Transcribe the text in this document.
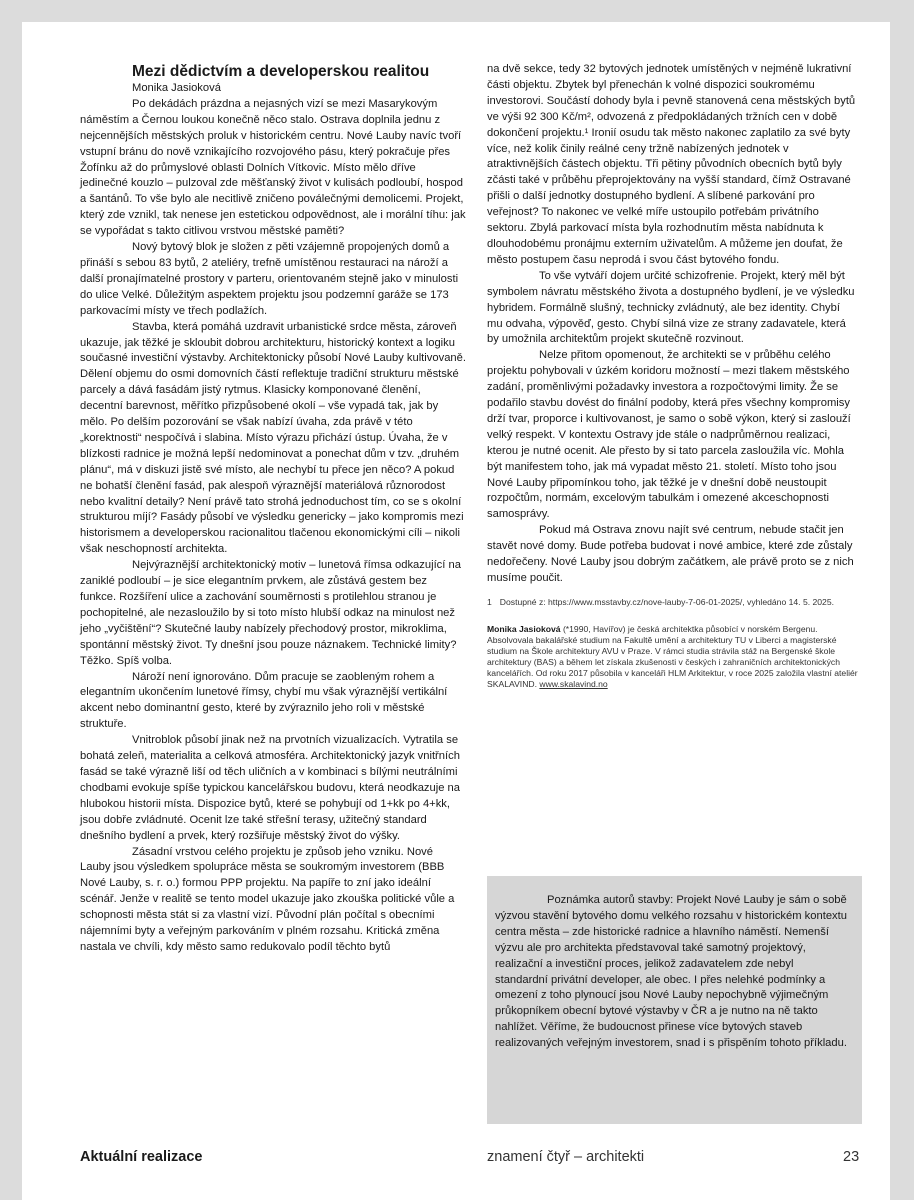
Mezi dědictvím a developerskou realitou
Monika Jasioková

Po dekádách prázdna a nejasných vizí se mezi Masarykovým náměstím a Černou loukou konečně něco stalo. Ostrava doplnila jednu z nejcennějších městských proluk v historickém centru. Nové Lauby navíc tvoří vstupní bránu do nově vznikajícího rozvojového pásu, který pokračuje přes Žofínku až do průmyslové oblasti Dolních Vítkovic. Místo mělo dříve jedinečné kouzlo – pulzoval zde měšťanský život v kulisách podloubí, hospod a šantánů. To vše bylo ale necitlivě zničeno poválečnými demolicemi. Projekt, který zde vznikl, tak nenese jen estetickou odpovědnost, ale i morální tíhu: jak se vypořádat s takto citlivou vrstvou městské paměti?

Nový bytový blok je složen z pěti vzájemně propojených domů a přináší s sebou 83 bytů, 2 ateliéry, trefně umístěnou restauraci na nároží a další pronajímatelné prostory v parteru, orientovaném stejně jako v minulosti do ulice Velké. Důležitým aspektem projektu jsou podzemní garáže se 173 parkovacími místy ve třech podlažích.

Stavba, která pomáhá uzdravit urbanistické srdce města, zároveň ukazuje, jak těžké je skloubit dobrou architekturu, historický kontext a logiku současné investiční výstavby. Architektonicky působí Nové Lauby kultivovaně. Dělení objemu do osmi domovních částí reflektuje tradiční strukturu městské parcely a dává fasádám jistý rytmus. Klasicky komponované členění, decentní barevnost, měřítko přizpůsobené okolí – vše vypadá tak, jak by mělo. Po delším pozorování se však nabízí úvaha, zda právě v této „korektnosti“ nespočívá i slabina. Místo výrazu přichází ústup. Úvaha, že v blízkosti radnice je možná lepší nedominovat a ponechat dům v tzv. „druhém plánu“, má v diskuzi jistě své místo, ale nechybí tu přece jen něco? A pokud ne bohatší členění fasád, pak alespoň výraznější materiálová různorodost nebo kvalitní detaily? Není právě tato strohá jednoduchost tím, co se s okolní strukturou míjí? Fasády působí ve výsledku genericky – jako kompromis mezi historismem a developerskou racionalitou tlačenou ekonomickými cíli – nikoli však neschopností architekta.

Nejvýraznější architektonický motiv – lunetová římsa odkazující na zaniklé podloubí – je sice elegantním prvkem, ale zůstává gestem bez funkce. Rozšíření ulice a zachování souměrnosti s protilehlou stranou je pochopitelné, ale nezasloužilo by si toto místo hlubší odkaz na minulost než jeho „vyčištění“? Skutečné lauby nabízely přechodový prostor, mikroklima, spontánní městský život. Ty dnešní jsou pouze náznakem. Technické limity? Těžko. Spíš volba.

Nároží není ignorováno. Dům pracuje se zaobleným rohem a elegantním ukončením lunetové římsy, chybí mu však výraznější vertikální akcent nebo dominantní gesto, které by zvýraznilo jeho roli v městské struktuře.

Vnitroblok působí jinak než na prvotních vizualizacích. Vytratila se bohatá zeleň, materialita a celková atmosféra. Architektonický jazyk vnitřních fasád se také výrazně liší od těch uličních a v kombinaci s bílými neutrálními chodbami evokuje spíše typickou kancelářskou budovu, která neodkazuje na hlubokou historii místa. Dispozice bytů, které se pohybují od 1+kk po 4+kk, jsou dobře zvládnuté. Ocenit lze také střešní terasy, užitečný standard dnešního bydlení a prvek, který rozšiřuje městský život do výšky.

Zásadní vrstvou celého projektu je způsob jeho vzniku. Nové Lauby jsou výsledkem spolupráce města se soukromým investorem (BBB Nové Lauby, s. r. o.) formou PPP projektu. Na papíře to zní jako ideální scénář. Jenže v realitě se tento model ukazuje jako zkouška politické vůle a schopnosti města stát si za vlastní vizí. Původní plán počítal s obecními nájemními byty a veřejným parkováním v plném rozsahu. Kritická změna nastala ve chvíli, kdy město samo redukovalo podíl těchto bytů

na dvě sekce, tedy 32 bytových jednotek umístěných v nejméně lukrativní části objektu. Zbytek byl přenechán k volné dispozici soukromému investorovi. Součástí dohody byla i pevně stanovená cena městských bytů ve výši 92 300 Kč/m², odvozená z předpokládaných tržních cen v době dokončení projektu.¹ Ironií osudu tak město nakonec zaplatilo za své byty více, než kolik činily reálné ceny tržně nabízených jednotek v atraktivnějších částech objektu. Tři pětiny původních obecních bytů byly zčásti také v průběhu přeprojektovány na vyšší standard, čímž Ostravané přišli o další jednotky dostupného bydlení. A slíbené parkování pro veřejnost? To nakonec ve velké míře ustoupilo potřebám privátního sektoru. Zbylá parkovací místa byla rozhodnutím města nabídnuta k dlouhodobému pronájmu externím uživatelům. A můžeme jen doufat, že město postupem času neprodá i svou část bytového fondu.

To vše vytváří dojem určité schizofrenie. Projekt, který měl být symbolem návratu městského života a dostupného bydlení, je ve výsledku hybridem. Formálně slušný, technicky zvládnutý, ale bez identity. Chybí mu odvaha, výpověď, gesto. Chybí silná vize ze strany zadavatele, která by umožnila architektům projekt skutečně rozvinout.

Nelze přitom opomenout, že architekti se v průběhu celého projektu pohybovali v úzkém koridoru možností – mezi tlakem městského zadání, proměnlivými požadavky investora a rozpočtovými limity. Že se podařilo stavbu dovést do finální podoby, která přes všechny kompromisy drží tvar, proporce i kultivovanost, je samo o sobě výkon, který si zaslouží velký respekt. V kontextu Ostravy jde stále o nadprůměrnou realizaci, kterou je nutné ocenit. Ale přesto by si tato parcela zasloužila víc. Mohla být manifestem toho, jak má vypadat město 21. století. Místo toho jsou Nové Lauby připomínkou toho, jak těžké je v dnešní době neustoupit rozpočtům, normám, excelovým tabulkám i omezené akceschopnosti samosprávy.

Pokud má Ostrava znovu najít své centrum, nebude stačit jen stavět nové domy. Bude potřeba budovat i nové ambice, které zde zůstaly nedořečeny. Nové Lauby jsou dobrým začátkem, ale právě proto se z nich musíme poučit.

1 Dostupné z: https://www.msstavby.cz/nove-lauby-7-06-01-2025/, vyhledáno 14. 5. 2025.
Monika Jasioková (*1990, Havířov) je česká architektka působící v norském Bergenu. Absolvovala bakalářské studium na Fakultě umění a architektury TU v Liberci a magisterské studium na Škole architektury AVU v Praze. V rámci studia strávila stáž na Bergenské škole architektury (BAS) a během let získala zkušenosti v českých i zahraničních architektonických kancelářích. Od roku 2017 působila v kanceláři HLM Arkitektur, v roce 2025 založila vlastní ateliér SKALAVIND. www.skalavind.no

Poznámka autorů stavby: Projekt Nové Lauby je sám o sobě výzvou stavění bytového domu velkého rozsahu v historickém kontextu centra města – zde historické radnice a hlavního náměstí. Nemenší výzvu ale pro architekta představoval také samotný projektový, realizační a investiční proces, jelikož zadavatelem zde nebyl standardní privátní developer, ale obec. I přes nelehké podmínky a omezení z toho plynoucí jsou Nové Lauby nepochybně výjimečným průkopníkem obecní bytové výstavby v ČR a je nutno na ně takto nahlížet. Věříme, že budoucnost přinese více bytových staveb realizovaných veřejným investorem, snad i s přispěním tohoto příkladu.

Aktuální realizace	znamení čtyř – architekti	23
